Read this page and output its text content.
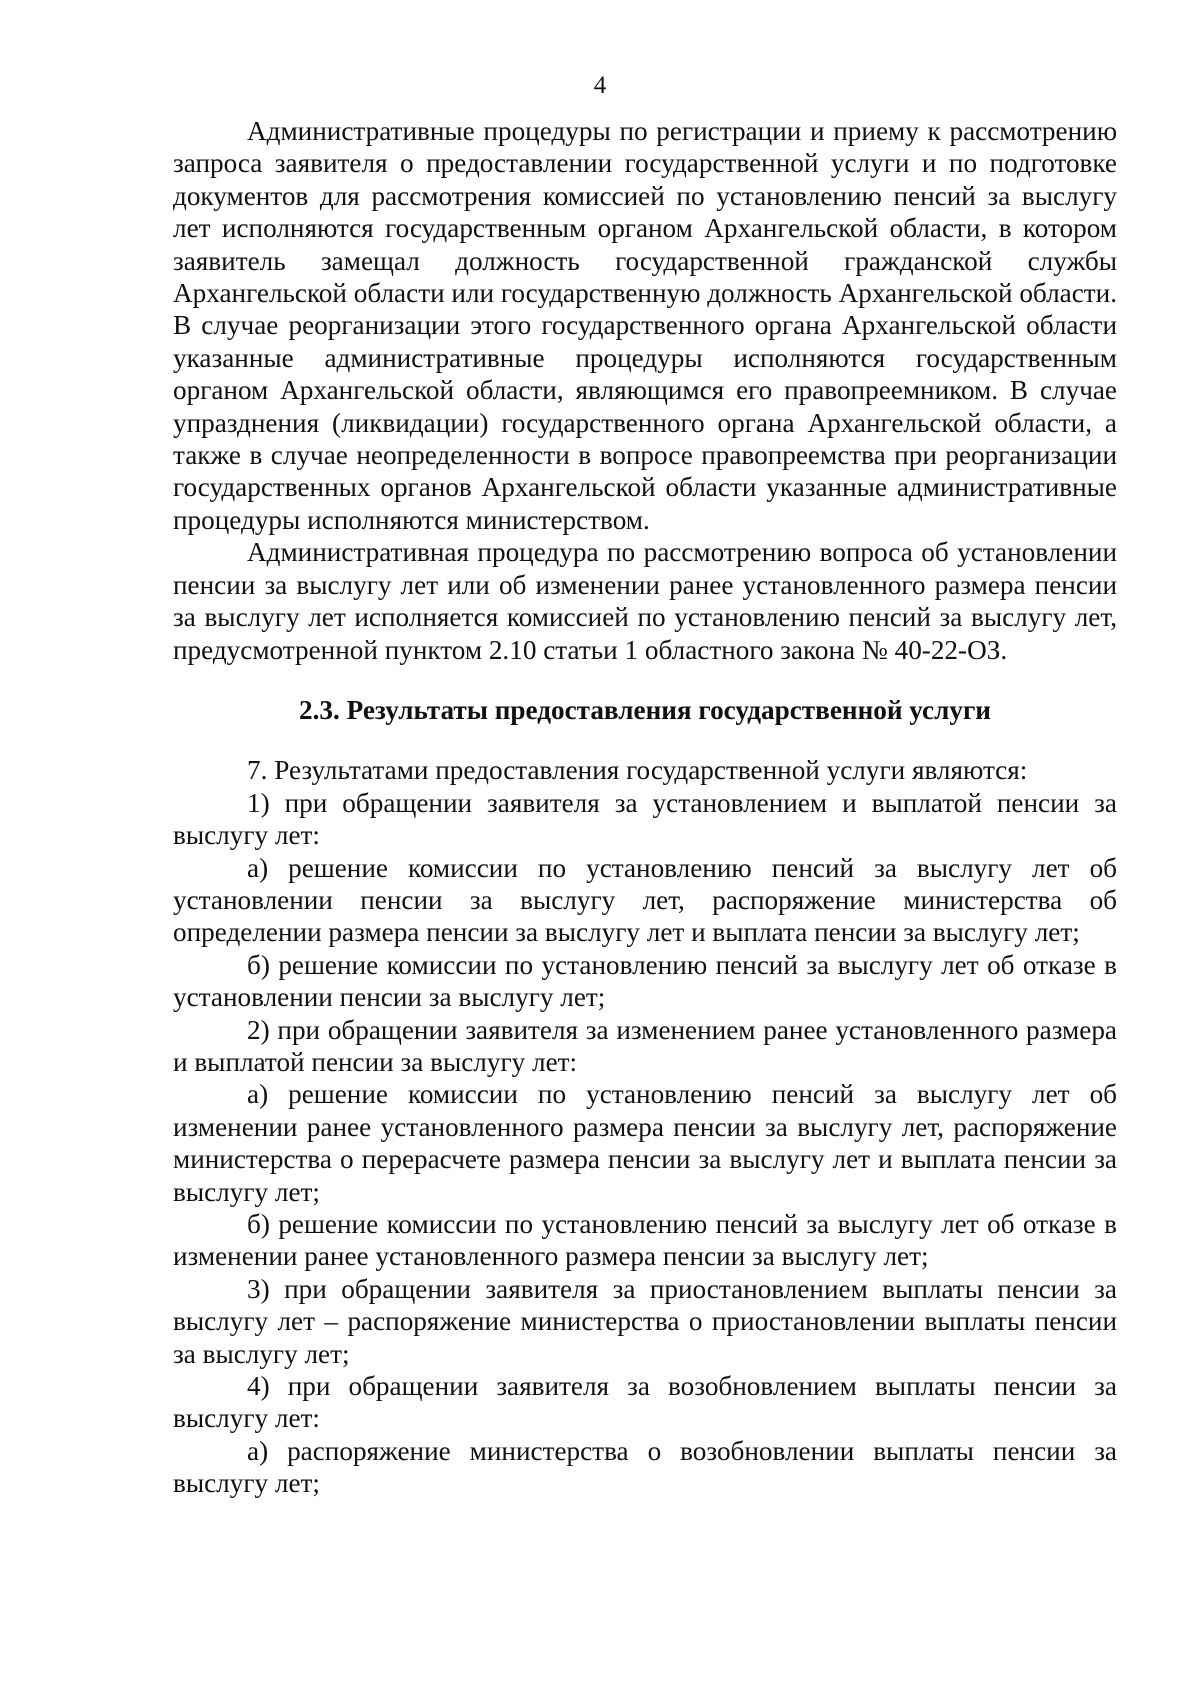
4

Административные процедуры по регистрации и приему к рассмотрению запроса заявителя о предоставлении государственной услуги и по подготовке документов для рассмотрения комиссией по установлению пенсий за выслугу лет исполняются государственным органом Архангельской области, в котором заявитель замещал должность государственной гражданской службы Архангельской области или государственную должность Архангельской области. В случае реорганизации этого государственного органа Архангельской области указанные административные процедуры исполняются государственным органом Архангельской области, являющимся его правопреемником. В случае упразднения (ликвидации) государственного органа Архангельской области, а также в случае неопределенности в вопросе правопреемства при реорганизации государственных органов Архангельской области указанные административные процедуры исполняются министерством.

Административная процедура по рассмотрению вопроса об установлении пенсии за выслугу лет или об изменении ранее установленного размера пенсии за выслугу лет исполняется комиссией по установлению пенсий за выслугу лет, предусмотренной пунктом 2.10 статьи 1 областного закона № 40-22-ОЗ.

2.3. Результаты предоставления государственной услуги

7. Результатами предоставления государственной услуги являются:

1) при обращении заявителя за установлением и выплатой пенсии за выслугу лет:

а) решение комиссии по установлению пенсий за выслугу лет об установлении пенсии за выслугу лет, распоряжение министерства об определении размера пенсии за выслугу лет и выплата пенсии за выслугу лет;

б) решение комиссии по установлению пенсий за выслугу лет об отказе в установлении пенсии за выслугу лет;

2) при обращении заявителя за изменением ранее установленного размера и выплатой пенсии за выслугу лет:

а) решение комиссии по установлению пенсий за выслугу лет об изменении ранее установленного размера пенсии за выслугу лет, распоряжение министерства о перерасчете размера пенсии за выслугу лет и выплата пенсии за выслугу лет;

б) решение комиссии по установлению пенсий за выслугу лет об отказе в изменении ранее установленного размера пенсии за выслугу лет;

3) при обращении заявителя за приостановлением выплаты пенсии за выслугу лет – распоряжение министерства о приостановлении выплаты пенсии за выслугу лет;

4) при обращении заявителя за возобновлением выплаты пенсии за выслугу лет:

а) распоряжение министерства о возобновлении выплаты пенсии за выслугу лет;
